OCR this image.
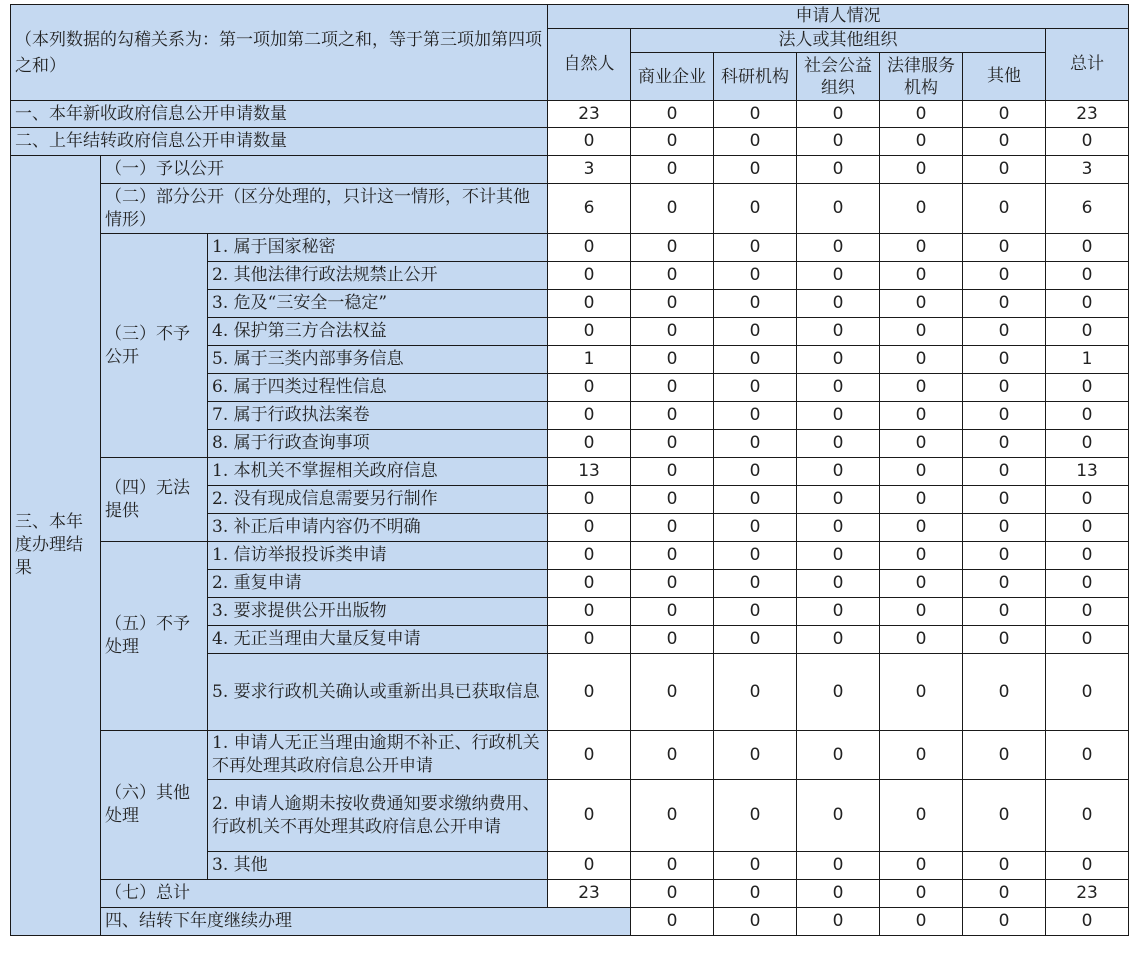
（本列数据的勾稽关系为：第一项加第二项之和，等于第三项加第四项之和）			申请人情况							
			自然人	法人或其他组织					总计	
				商业企业	科研机构	社会公益组织	法律服务机构	其他		
一、本年新收政府信息公开申请数量			23	0	0	0	0	0	23	
二、上年结转政府信息公开申请数量			0	0	0	0	0	0	0	
三、本年度办理结果	（一）予以公开		3	0	0	0	0	0	3	
	（二）部分公开（区分处理的，只计这一情形，不计其他情形）		6	0	0	0	0	0	6	
	（三）不予公开	1. 属于国家秘密	0	0	0	0	0	0	0	
		2. 其他法律行政法规禁止公开	0	0	0	0	0	0	0	
		3. 危及“三安全一稳定”	0	0	0	0	0	0	0	
		4. 保护第三方合法权益	0	0	0	0	0	0	0	
		5. 属于三类内部事务信息	1	0	0	0	0	0	1	
		6. 属于四类过程性信息	0	0	0	0	0	0	0	
		7. 属于行政执法案卷	0	0	0	0	0	0	0	
		8. 属于行政查询事项	0	0	0	0	0	0	0	
	（四）无法提供	1. 本机关不掌握相关政府信息	13	0	0	0	0	0	13	
		2. 没有现成信息需要另行制作	0	0	0	0	0	0	0	
		3. 补正后申请内容仍不明确	0	0	0	0	0	0	0	
	（五）不予处理	1. 信访举报投诉类申请	0	0	0	0	0	0	0	
		2. 重复申请	0	0	0	0	0	0	0	
		3. 要求提供公开出版物	0	0	0	0	0	0	0	
		4. 无正当理由大量反复申请	0	0	0	0	0	0	0	
		5. 要求行政机关确认或重新出具已获取信息	0	0	0	0	0	0	0	
	（六）其他处理	1. 申请人无正当理由逾期不补正、行政机关不再处理其政府信息公开申请	0	0	0	0	0	0	0	
		2. 申请人逾期未按收费通知要求缴纳费用、行政机关不再处理其政府信息公开申请	0	0	0	0	0	0	0	
		3. 其他	0	0	0	0	0	0	0	
	（七）总计		23	0	0	0	0	0	23	
	四、结转下年度继续办理			0	0	0	0	0	0	
